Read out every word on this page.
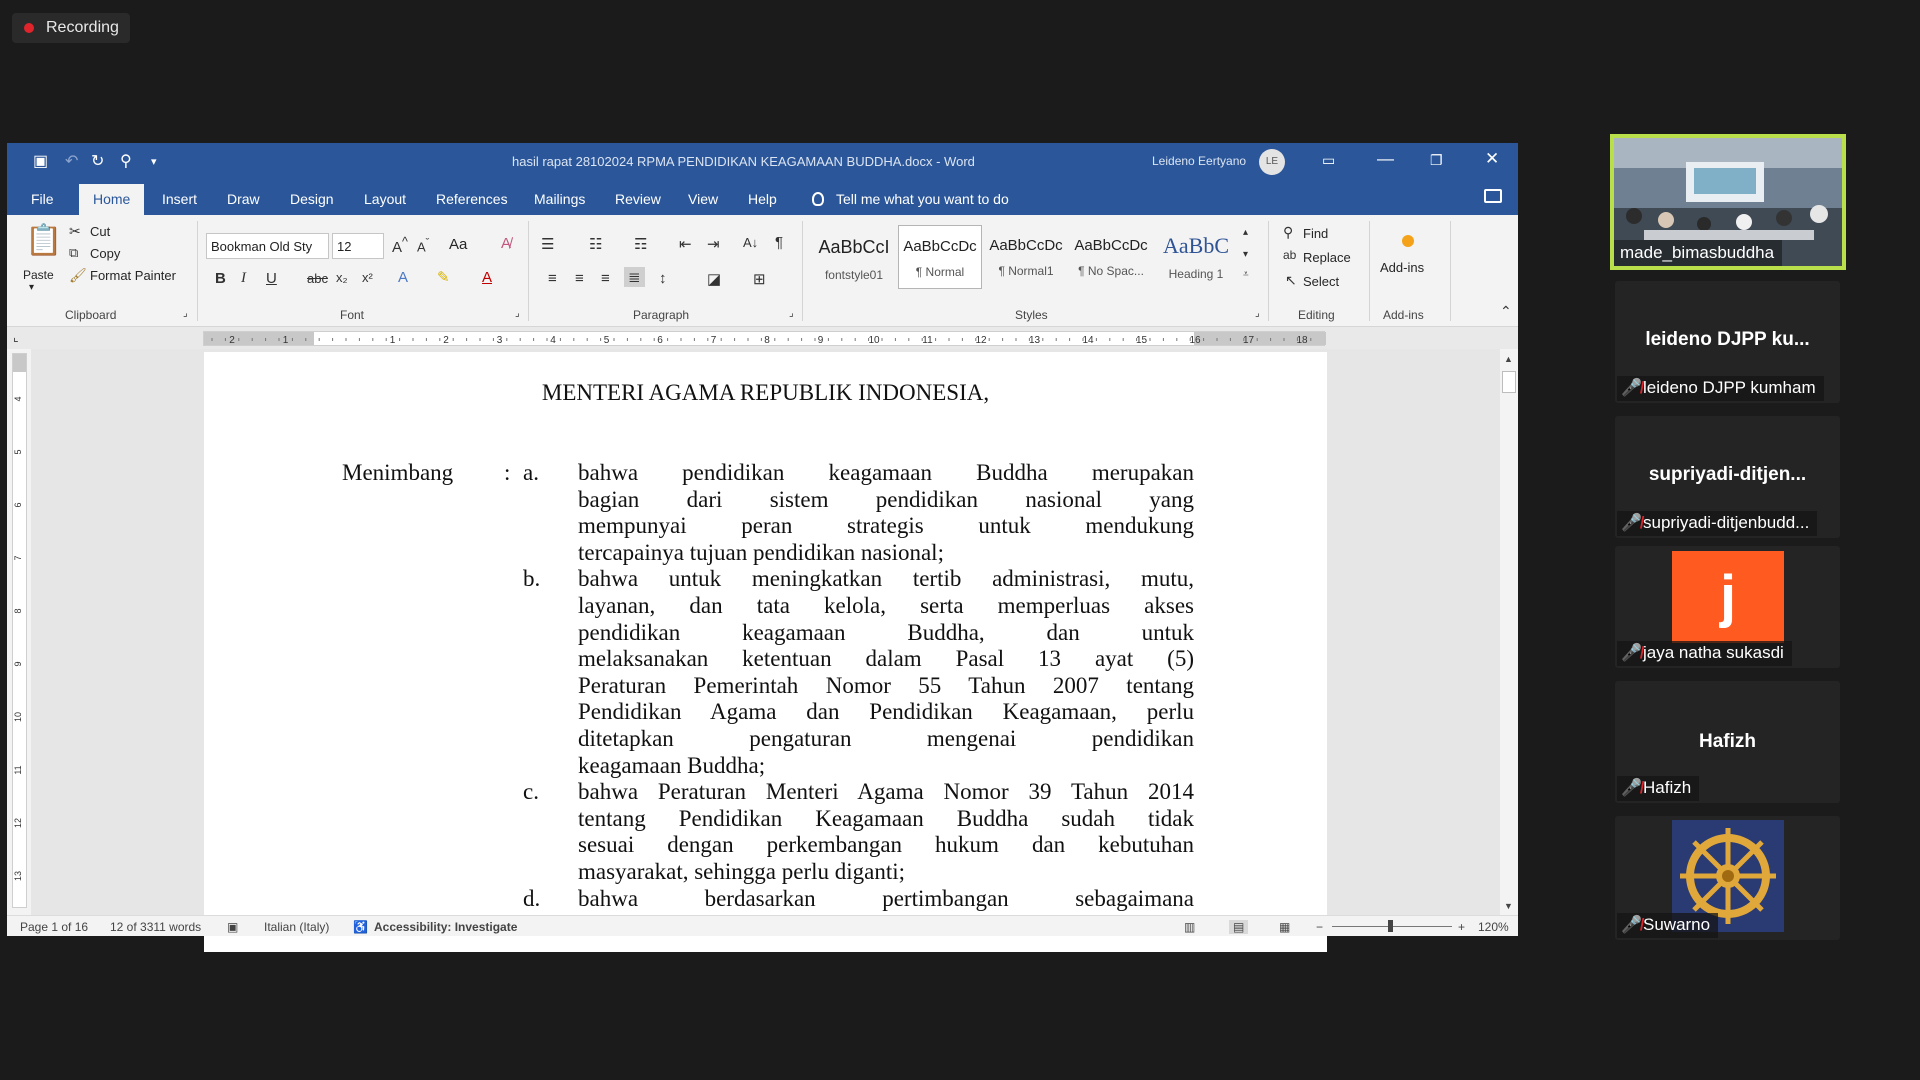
Recording
▣ ↶ ↻ ⚲ ▾	hasil rapat 28102024 RPMA PENDIDIKAN KEAGAMAAN BUDDHA.docx - Word	Leideno Eertyano	LE	▭ —	❐ ✕
File	Home	Insert Draw Design Layout References Mailings Review View Help	Tell me what you want to do
📋
Paste
▾
✂ Cut
⧉ Copy
🖌 Format Painter
Clipboard	⌟
Bookman Old Sty	12	A^ $A^ˇ$ Aa A̸
B I U abc x₂ x² A ✎ A
Font	⌟
☰ ☷ ☶ ⇤ ⇥ A↓ ¶
≡ ≡ ≡ ≣ ↕	◪ ⊞
Paragraph	⌟
AaBbCcI
fontstyle01
AaBbCcDc
¶ Normal
AaBbCcDc
¶ Normal1
AaBbCcDc
¶ No Spac...
AaBbC
Heading 1
▴
▾
⩡
Styles	⌟
⚲ Find
ab Replace
↖ Select
Editing
Add-ins
Add-ins	⌃
⌞	2	1	1	2	3	4	5	6	7	8	9	10	11	12	13	14	15	16	17	18
4
5
6
7
8
9
10
11
12
13
MENTERI AGAMA REPUBLIK INDONESIA,
Menimbang : a. bahwa pendidikan keagamaan Buddha merupakan
bagian dari sistem pendidikan nasional yang
mempunyai peran strategis untuk mendukung
tercapainya tujuan pendidikan nasional;
b. bahwa untuk meningkatkan tertib administrasi, mutu,
layanan, dan tata kelola, serta memperluas akses
pendidikan keagamaan Buddha, dan untuk
melaksanakan ketentuan dalam Pasal 13 ayat (5)
Peraturan Pemerintah Nomor 55 Tahun 2007 tentang
Pendidikan Agama dan Pendidikan Keagamaan, perlu
ditetapkan pengaturan mengenai pendidikan
keagamaan Buddha;
c. bahwa Peraturan Menteri Agama Nomor 39 Tahun 2014
tentang Pendidikan Keagamaan Buddha sudah tidak
sesuai dengan perkembangan hukum dan kebutuhan
masyarakat, sehingga perlu diganti;
d. bahwa berdasarkan pertimbangan sebagaimana
▲
▼
Page 1 of 16 12 of 3311 words ▣ Italian (Italy) ♿ Accessibility: Investigate	▥	▤	▦ −	+ 120%
made_bimasbuddha
leideno DJPP ku...
🎤̸leideno DJPP kumham
supriyadi-ditjen...
🎤̸supriyadi-ditjenbudd...
j
🎤̸jaya natha sukasdi
Hafizh
🎤̸Hafizh
🎤̸Suwarno
